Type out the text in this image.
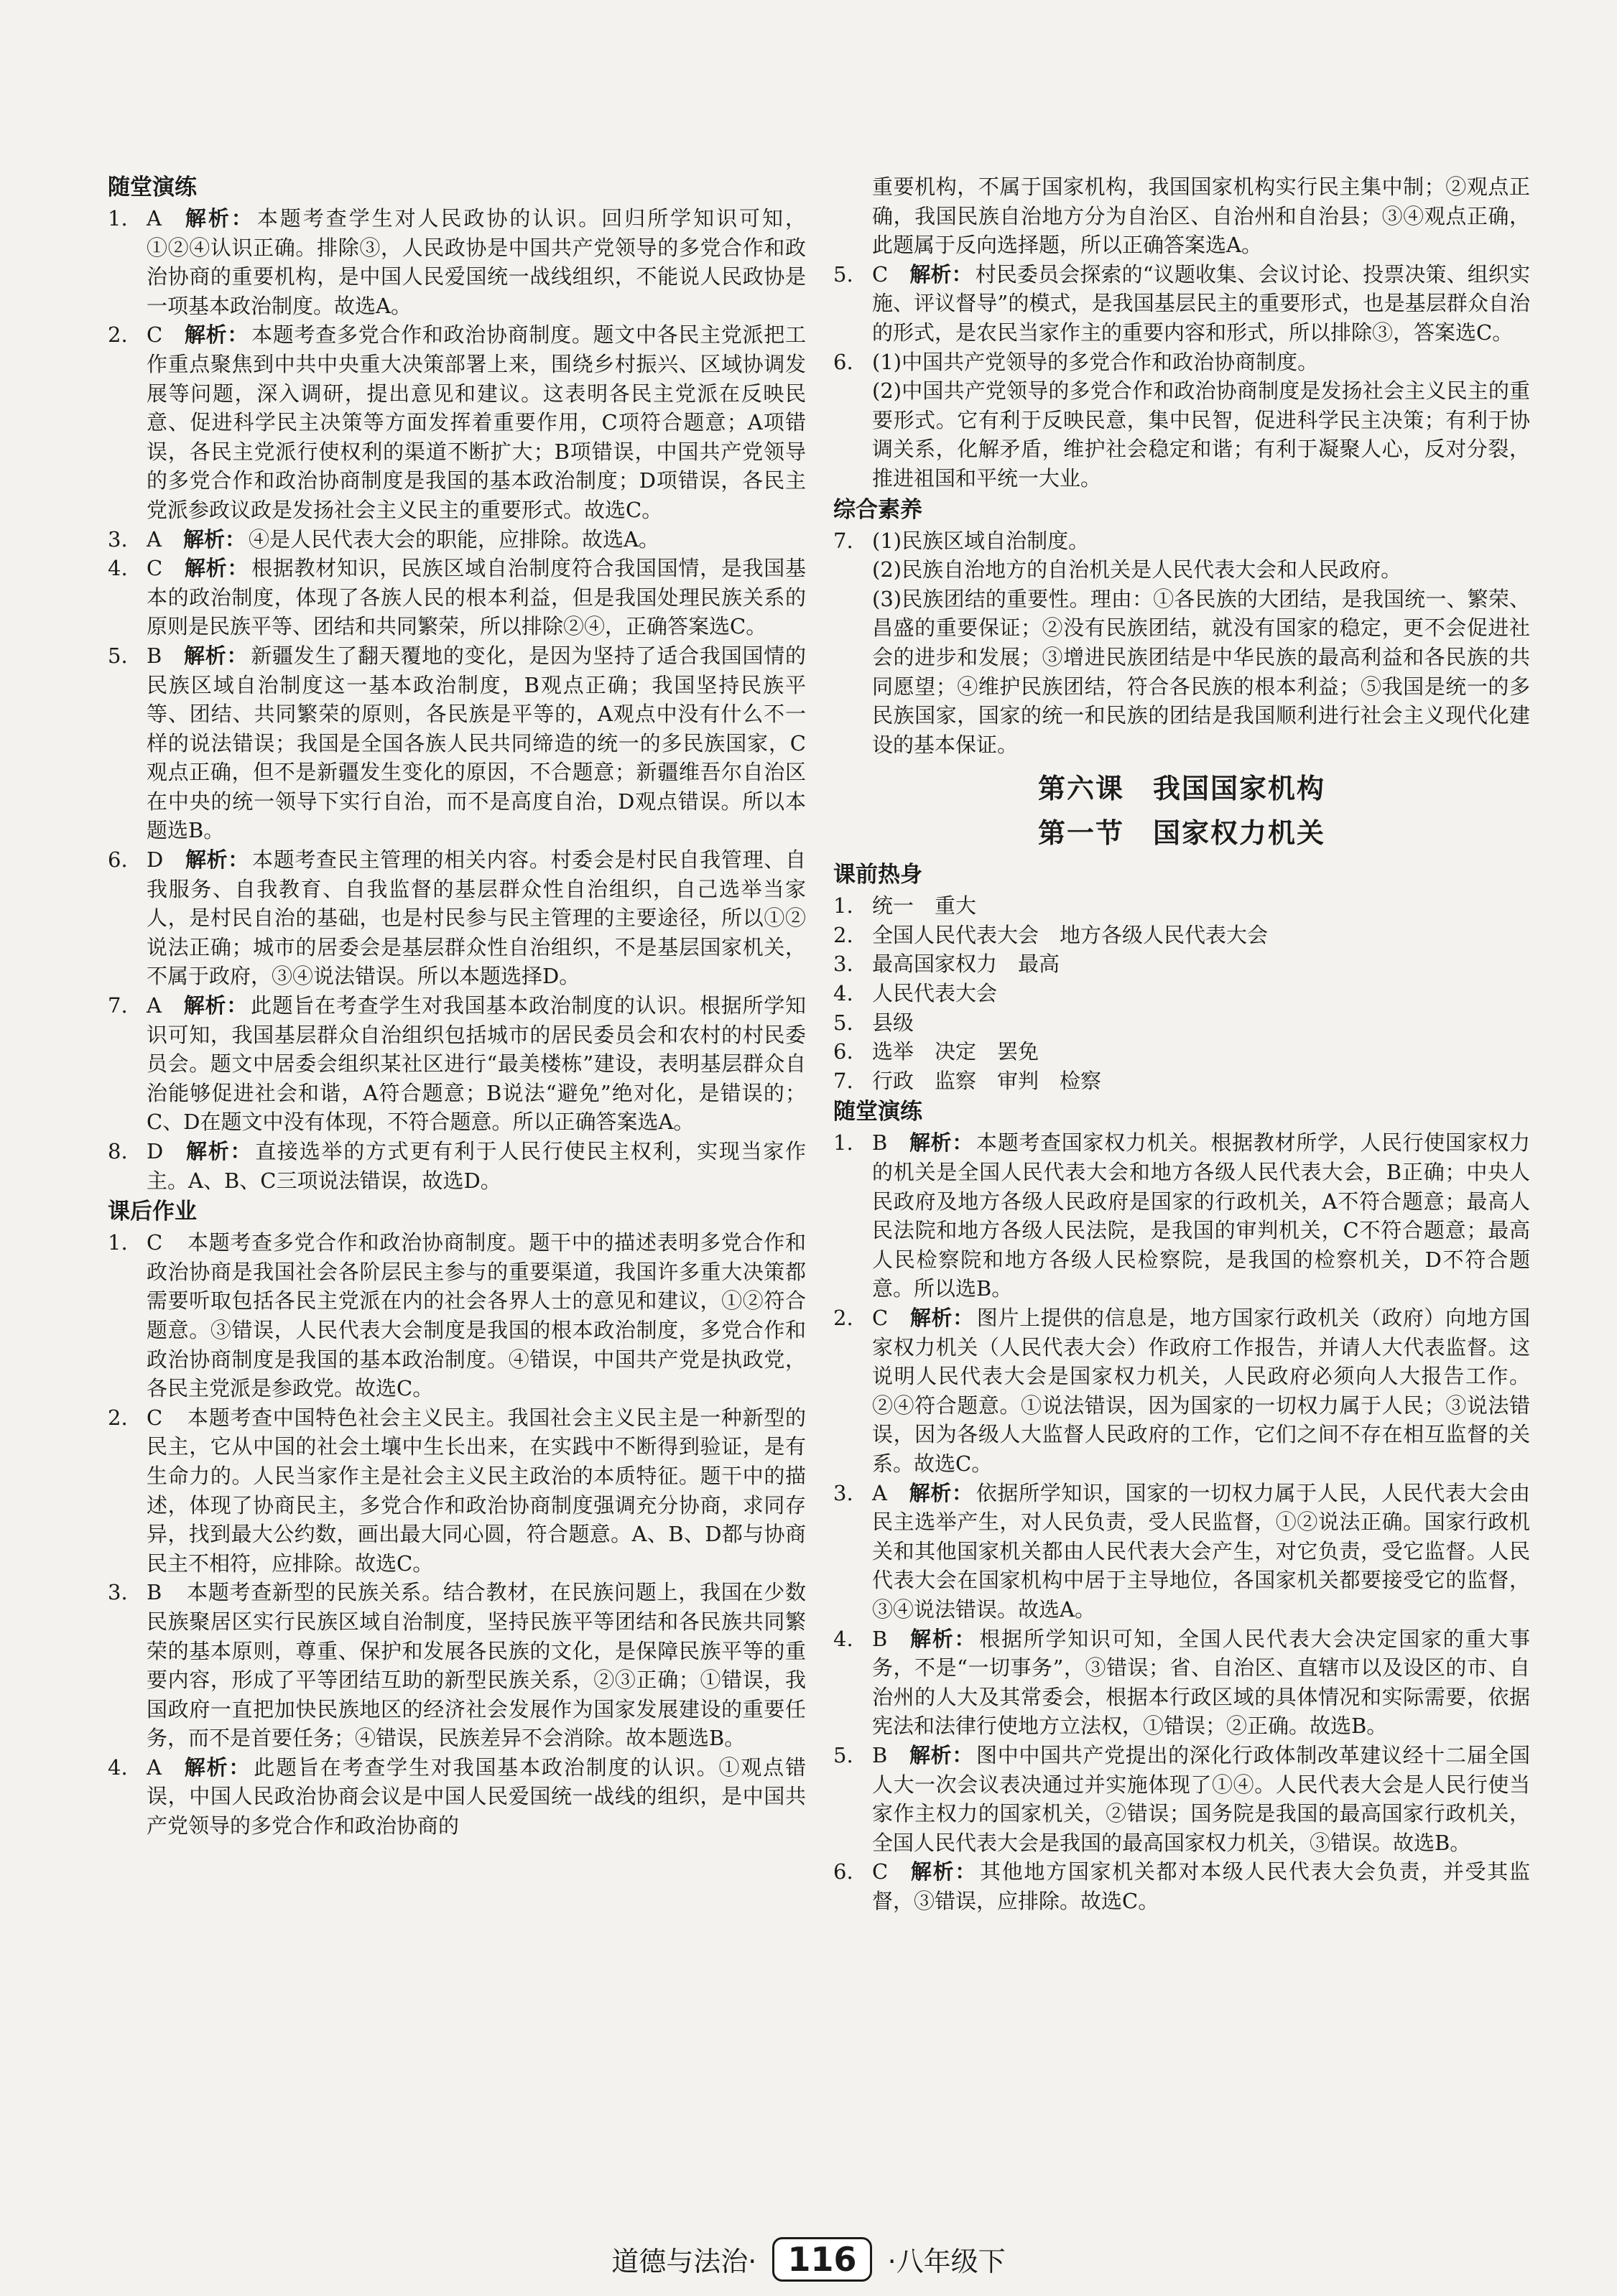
随堂演练
1. A 解析： 本题考查学生对人民政协的认识。回归所学知识可知，①②④认识正确。排除③，人民政协是中国共产党领导的多党合作和政治协商的重要机构，是中国人民爱国统一战线组织，不能说人民政协是一项基本政治制度。故选A。
2. C 解析： 本题考查多党合作和政治协商制度。题文中各民主党派把工作重点聚焦到中共中央重大决策部署上来，围绕乡村振兴、区域协调发展等问题，深入调研，提出意见和建议。这表明各民主党派在反映民意、促进科学民主决策等方面发挥着重要作用，C项符合题意；A项错误，各民主党派行使权利的渠道不断扩大；B项错误，中国共产党领导的多党合作和政治协商制度是我国的基本政治制度；D项错误，各民主党派参政议政是发扬社会主义民主的重要形式。故选C。
3. A 解析： ④是人民代表大会的职能，应排除。故选A。
4. C 解析： 根据教材知识，民族区域自治制度符合我国国情，是我国基本的政治制度，体现了各族人民的根本利益，但是我国处理民族关系的原则是民族平等、团结和共同繁荣，所以排除②④，正确答案选C。
5. B 解析： 新疆发生了翻天覆地的变化，是因为坚持了适合我国国情的民族区域自治制度这一基本政治制度，B观点正确；我国坚持民族平等、团结、共同繁荣的原则，各民族是平等的，A观点中没有什么不一样的说法错误；我国是全国各族人民共同缔造的统一的多民族国家，C观点正确，但不是新疆发生变化的原因，不合题意；新疆维吾尔自治区在中央的统一领导下实行自治，而不是高度自治，D观点错误。所以本题选B。
6. D 解析： 本题考查民主管理的相关内容。村委会是村民自我管理、自我服务、自我教育、自我监督的基层群众性自治组织，自己选举当家人，是村民自治的基础，也是村民参与民主管理的主要途径，所以①②说法正确；城市的居委会是基层群众性自治组织，不是基层国家机关，不属于政府，③④说法错误。所以本题选择D。
7. A 解析： 此题旨在考查学生对我国基本政治制度的认识。根据所学知识可知，我国基层群众自治组织包括城市的居民委员会和农村的村民委员会。题文中居委会组织某社区进行“最美楼栋”建设，表明基层群众自治能够促进社会和谐，A符合题意；B说法“避免”绝对化，是错误的；C、D在题文中没有体现，不符合题意。所以正确答案选A。
8. D 解析： 直接选举的方式更有利于人民行使民主权利，实现当家作主。A、B、C三项说法错误，故选D。
课后作业
1. C 本题考查多党合作和政治协商制度。题干中的描述表明多党合作和政治协商是我国社会各阶层民主参与的重要渠道，我国许多重大决策都需要听取包括各民主党派在内的社会各界人士的意见和建议，①②符合题意。③错误，人民代表大会制度是我国的根本政治制度，多党合作和政治协商制度是我国的基本政治制度。④错误，中国共产党是执政党，各民主党派是参政党。故选C。
2. C 本题考查中国特色社会主义民主。我国社会主义民主是一种新型的民主，它从中国的社会土壤中生长出来，在实践中不断得到验证，是有生命力的。人民当家作主是社会主义民主政治的本质特征。题干中的描述，体现了协商民主，多党合作和政治协商制度强调充分协商，求同存异，找到最大公约数，画出最大同心圆，符合题意。A、B、D都与协商民主不相符，应排除。故选C。
3. B 本题考查新型的民族关系。结合教材，在民族问题上，我国在少数民族聚居区实行民族区域自治制度，坚持民族平等团结和各民族共同繁荣的基本原则，尊重、保护和发展各民族的文化，是保障民族平等的重要内容，形成了平等团结互助的新型民族关系，②③正确；①错误，我国政府一直把加快民族地区的经济社会发展作为国家发展建设的重要任务，而不是首要任务；④错误，民族差异不会消除。故本题选B。
4. A 解析： 此题旨在考查学生对我国基本政治制度的认识。①观点错误，中国人民政治协商会议是中国人民爱国统一战线的组织，是中国共产党领导的多党合作和政治协商的
重要机构，不属于国家机构，我国国家机构实行民主集中制；②观点正确，我国民族自治地方分为自治区、自治州和自治县；③④观点正确，此题属于反向选择题，所以正确答案选A。
5. C 解析： 村民委员会探索的“议题收集、会议讨论、投票决策、组织实施、评议督导”的模式，是我国基层民主的重要形式，也是基层群众自治的形式，是农民当家作主的重要内容和形式，所以排除③，答案选C。
6. (1)中国共产党领导的多党合作和政治协商制度。
(2)中国共产党领导的多党合作和政治协商制度是发扬社会主义民主的重要形式。它有利于反映民意，集中民智，促进科学民主决策；有利于协调关系，化解矛盾，维护社会稳定和谐；有利于凝聚人心，反对分裂，推进祖国和平统一大业。
综合素养
7. (1)民族区域自治制度。
(2)民族自治地方的自治机关是人民代表大会和人民政府。
(3)民族团结的重要性。理由：①各民族的大团结，是我国统一、繁荣、昌盛的重要保证；②没有民族团结，就没有国家的稳定，更不会促进社会的进步和发展；③增进民族团结是中华民族的最高利益和各民族的共同愿望；④维护民族团结，符合各民族的根本利益；⑤我国是统一的多民族国家，国家的统一和民族的团结是我国顺利进行社会主义现代化建设的基本保证。
第六课　我国国家机构
第一节　国家权力机关
课前热身
1. 统一　重大
2. 全国人民代表大会　地方各级人民代表大会
3. 最高国家权力　最高
4. 人民代表大会
5. 县级
6. 选举　决定　罢免
7. 行政　监察　审判　检察
随堂演练
1. B 解析： 本题考查国家权力机关。根据教材所学，人民行使国家权力的机关是全国人民代表大会和地方各级人民代表大会，B正确；中央人民政府及地方各级人民政府是国家的行政机关，A不符合题意；最高人民法院和地方各级人民法院，是我国的审判机关，C不符合题意；最高人民检察院和地方各级人民检察院，是我国的检察机关，D不符合题意。所以选B。
2. C 解析： 图片上提供的信息是，地方国家行政机关（政府）向地方国家权力机关（人民代表大会）作政府工作报告，并请人大代表监督。这说明人民代表大会是国家权力机关，人民政府必须向人大报告工作。②④符合题意。①说法错误，因为国家的一切权力属于人民；③说法错误，因为各级人大监督人民政府的工作，它们之间不存在相互监督的关系。故选C。
3. A 解析： 依据所学知识，国家的一切权力属于人民，人民代表大会由民主选举产生，对人民负责，受人民监督，①②说法正确。国家行政机关和其他国家机关都由人民代表大会产生，对它负责，受它监督。人民代表大会在国家机构中居于主导地位，各国家机关都要接受它的监督，③④说法错误。故选A。
4. B 解析： 根据所学知识可知，全国人民代表大会决定国家的重大事务，不是“一切事务”，③错误；省、自治区、直辖市以及设区的市、自治州的人大及其常委会，根据本行政区域的具体情况和实际需要，依据宪法和法律行使地方立法权，①错误；②正确。故选B。
5. B 解析： 图中中国共产党提出的深化行政体制改革建议经十二届全国人大一次会议表决通过并实施体现了①④。人民代表大会是人民行使当家作主权力的国家机关，②错误；国务院是我国的最高国家行政机关，全国人民代表大会是我国的最高国家权力机关，③错误。故选B。
6. C 解析： 其他地方国家机关都对本级人民代表大会负责，并受其监督，③错误，应排除。故选C。
道德与法治· 116 ·八年级下
